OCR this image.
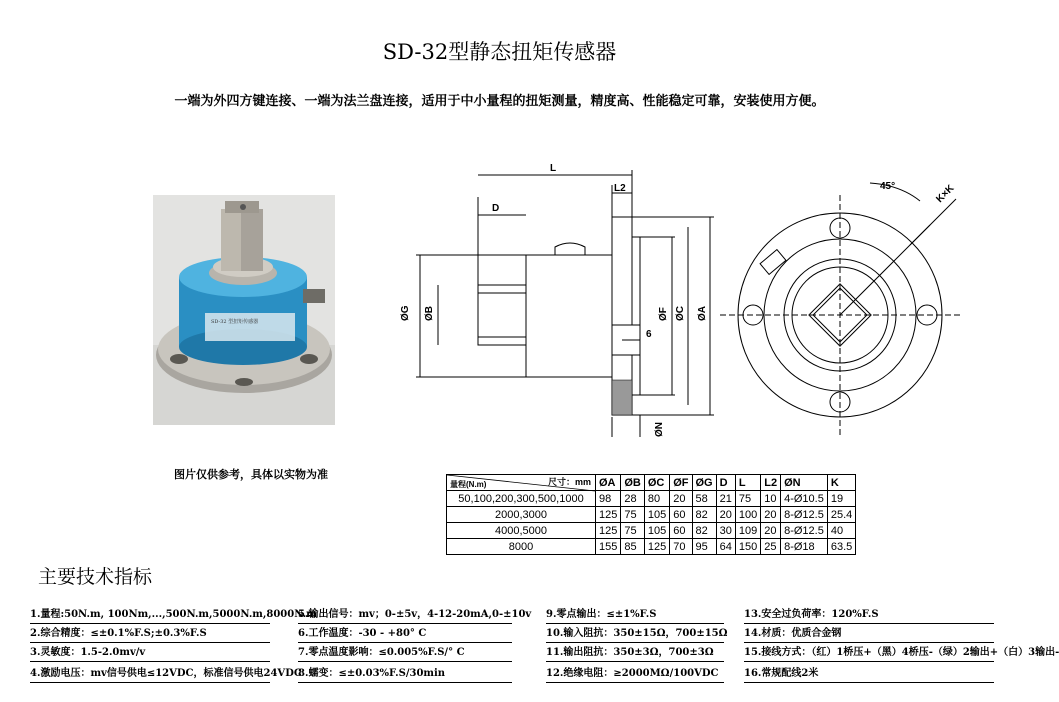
SD-32型静态扭矩传感器
一端为外四方键连接、一端为法兰盘连接，适用于中小量程的扭矩测量，精度高、性能稳定可靠，安装使用方便。
SD-32 型扭矩传感器
图片仅供参考，具体以实物为准
L
L2
D
ØG ØB	ØF ØC ØA
ØN
6
45°	K×K
尺寸：mm
量程(N.m)	ØA	ØB	ØC	ØF	ØG	D	L	L2	ØN	K
50,100,200,300,500,1000	98	28	80	20	58	21	75	10	4-Ø10.5	19
2000,3000	125	75	105	60	82	20	100	20	8-Ø12.5	25.4
4000,5000	125	75	105	60	82	30	109	20	8-Ø12.5	40
8000	155	85	125	70	95	64	150	25	8-Ø18	63.5
主要技术指标
1.量程:50N.m, 100Nm,...,500N.m,5000N.m,8000N.m
2.综合精度：≤±0.1%F.S;±0.3%F.S
3.灵敏度：1.5-2.0mv/v
4.激励电压：mv信号供电≤12VDC，标准信号供电24VDC
5.输出信号：mv；0-±5v，4-12-20mA,0-±10v
6.工作温度：-30 - +80° C
7.零点温度影响：≤0.005%F.S/° C
8.蠕变：≤±0.03%F.S/30min
9.零点输出：≤±1%F.S
10.输入阻抗：350±15Ω，700±15Ω
11.输出阻抗：350±3Ω，700±3Ω
12.绝缘电阻：≥2000MΩ/100VDC
13.安全过负荷率：120%F.S
14.材质：优质合金钢
15.接线方式：（红）1桥压+（黑）4桥压-（绿）2输出+（白）3输出-
16.常规配线2米
